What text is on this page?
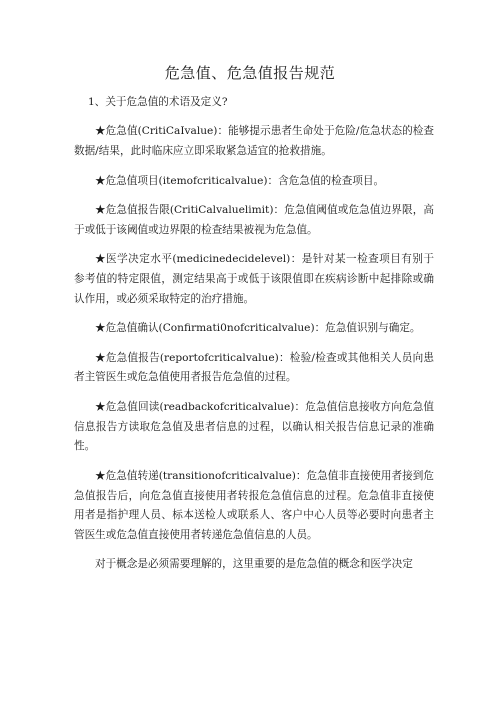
危急值、危急值报告规范

1、关于危急值的术语及定义?

★危急值(CritiCaIvalue)：能够提示患者生命处于危险/危急状态的检查数据/结果，此时临床应立即采取紧急适宜的抢救措施。

★危急值项目(itemofcriticalvalue)：含危急值的检查项目。

★危急值报告限(CritiCalvaluelimit)：危急值阈值或危急值边界限，高于或低于该阈值或边界限的检查结果被视为危急值。

★医学决定水平(medicinedecidelevel)：是针对某一检查项目有别于参考值的特定限值，测定结果高于或低于该限值即在疾病诊断中起排除或确认作用，或必须采取特定的治疗措施。

★危急值确认(Confirmati0nofcriticalvalue)：危急值识别与确定。

★危急值报告(reportofcriticalvalue)：检验/检查或其他相关人员向患者主管医生或危急值使用者报告危急值的过程。

★危急值回读(readbackofcriticalvalue)：危急值信息接收方向危急值信息报告方读取危急值及患者信息的过程，以确认相关报告信息记录的准确性。

★危急值转递(transitionofcriticalvalue)：危急值非直接使用者接到危急值报告后，向危急值直接使用者转报危急值信息的过程。危急值非直接使用者是指护理人员、标本送检人或联系人、客户中心人员等必要时向患者主管医生或危急值直接使用者转递危急值信息的人员。

对于概念是必须需要理解的，这里重要的是危急值的概念和医学决定
